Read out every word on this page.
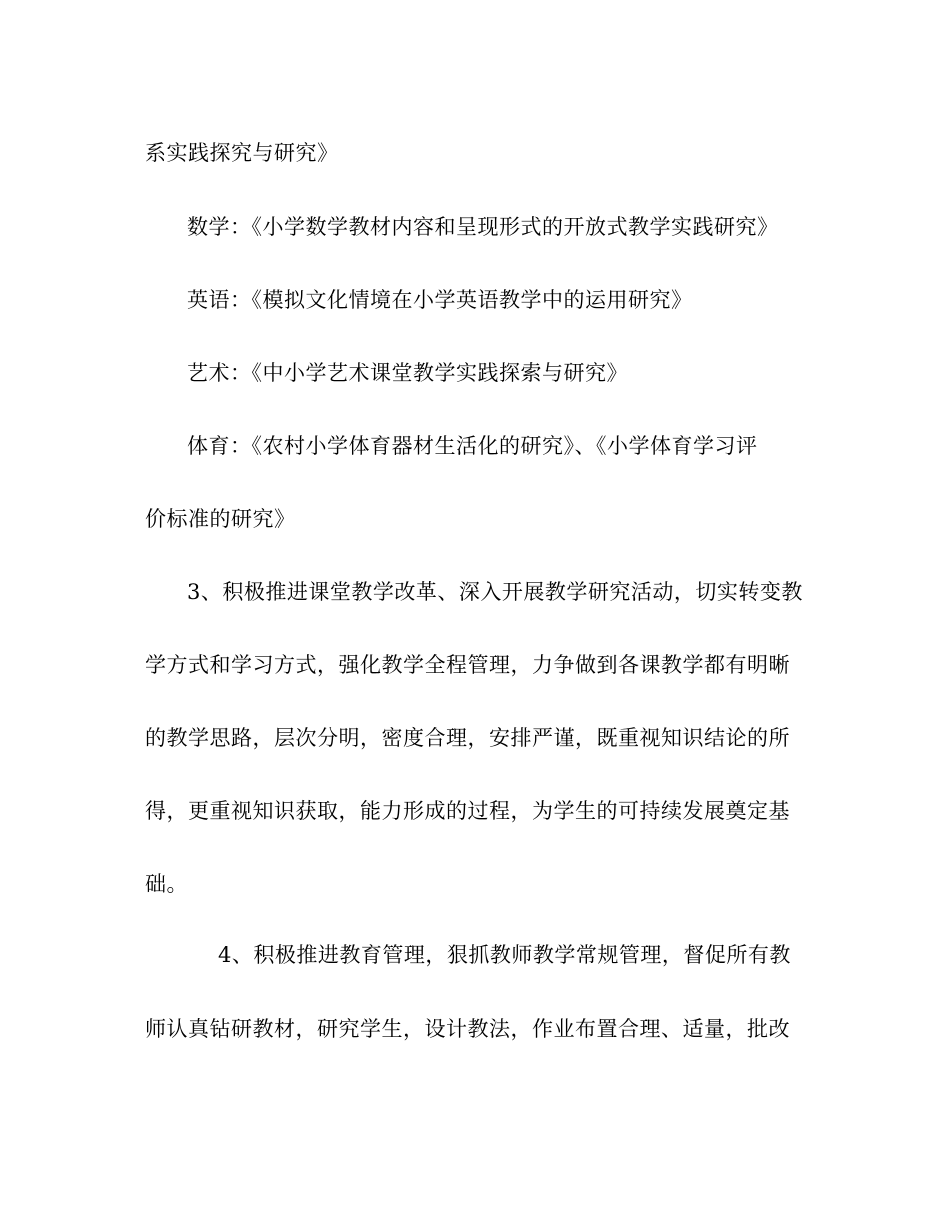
系实践探究与研究》
数学：《小学数学教材内容和呈现形式的开放式教学实践研究》
英语：《模拟文化情境在小学英语教学中的运用研究》
艺术：《中小学艺术课堂教学实践探索与研究》
体育：《农村小学体育器材生活化的研究》、《小学体育学习评
价标准的研究》
3、积极推进课堂教学改革、深入开展教学研究活动，切实转变教
学方式和学习方式，强化教学全程管理，力争做到各课教学都有明晰
的教学思路，层次分明，密度合理，安排严谨，既重视知识结论的所
得，更重视知识获取，能力形成的过程，为学生的可持续发展奠定基
础。
4、积极推进教育管理，狠抓教师教学常规管理，督促所有教
师认真钻研教材，研究学生，设计教法，作业布置合理、适量，批改
